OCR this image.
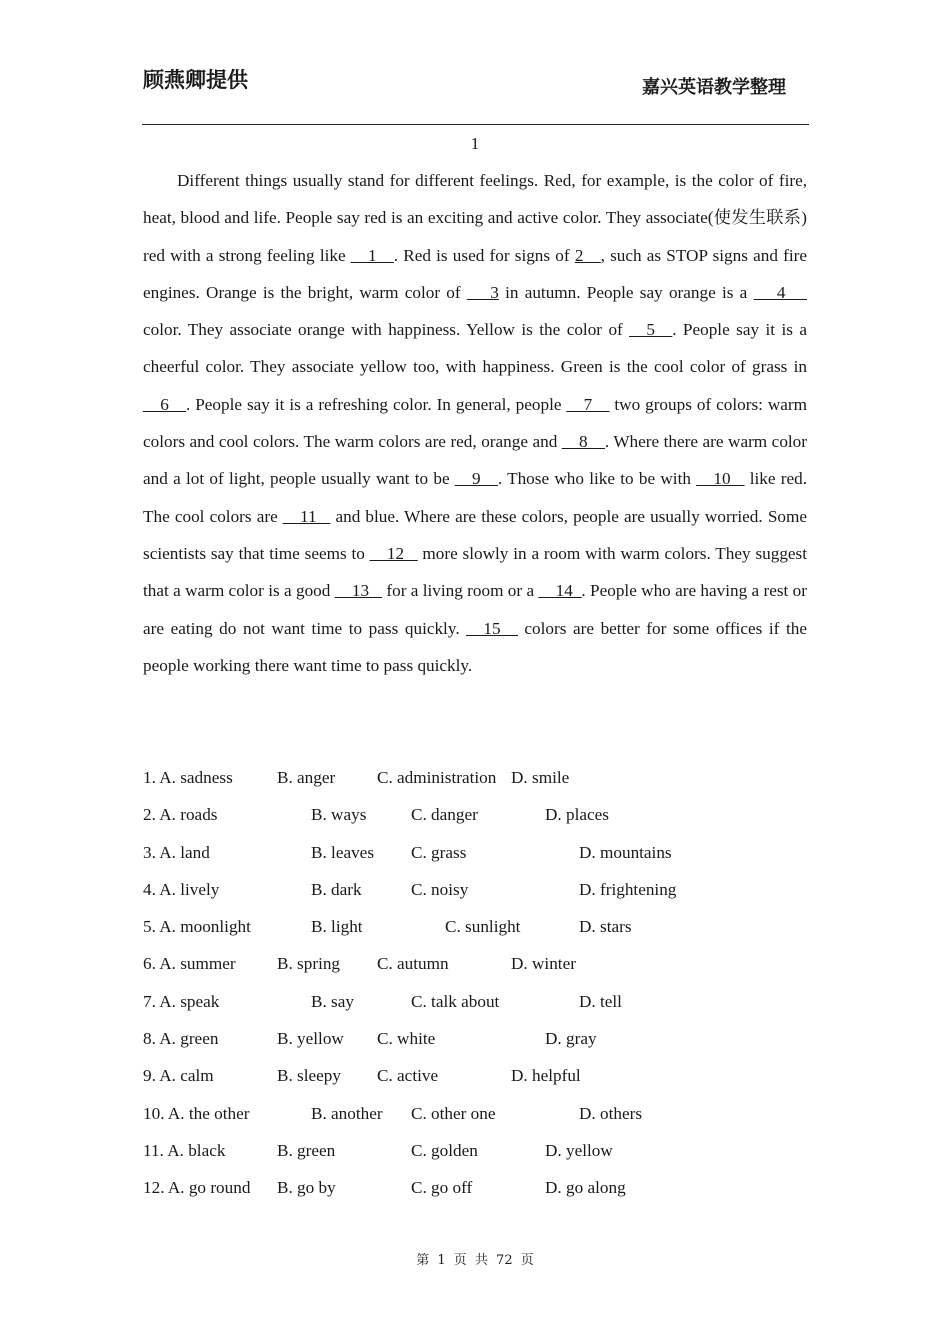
顾燕卿提供	嘉兴英语教学整理
1
Different things usually stand for different feelings. Red, for example, is the color of fire, heat, blood and life. People say red is an exciting and active color. They associate(使发生联系) red with a strong feeling like __1__. Red is used for signs of 2__, such as STOP signs and fire engines. Orange is the bright, warm color of  __3 in autumn. People say orange is a  __4__  color. They associate orange with happiness. Yellow is the color of __5__. People say it is a cheerful color. They associate yellow too, with happiness. Green is the cool color of grass in __6__. People say it is a refreshing color. In general, people __7__ two groups of colors: warm colors and cool colors. The warm colors are red, orange and __8__. Where there are warm color and a lot of light, people usually want to be __9__. Those who like to be with __10 _ like red. The cool colors are __11_  and blue. Where are these colors, people are usually worried. Some scientists say that time seems to __12 _ more slowly in a room with warm colors. They suggest that a warm color is a good __13_  for a living room or a __14_. People who are having a rest or are eating do not want time to pass quickly. __15__ colors are better for some offices if the people working there want time to pass quickly.
1. A. sadness	B. anger C. administration D. smile
2. A. roads	B. ways	C. danger	D. places
3. A. land	B. leaves C. grass	D. mountains
4. A. lively	B. dark	C. noisy	D. frightening
5. A. moonlight	B. light	C. sunlight	D. stars
6. A. summer B. spring C. autumn	D. winter
7. A. speak	B. say	C. talk about	D. tell
8. A. green	B. yellow C. white	D. gray
9. A. calm	B. sleepy C. active	D. helpful
10. A. the other	B. another C. other one	D. others
11. A. black	B. green	C. golden	D. yellow
12. A. go round B. go by	C. go off	D. go along
第 1 页 共 72 页
